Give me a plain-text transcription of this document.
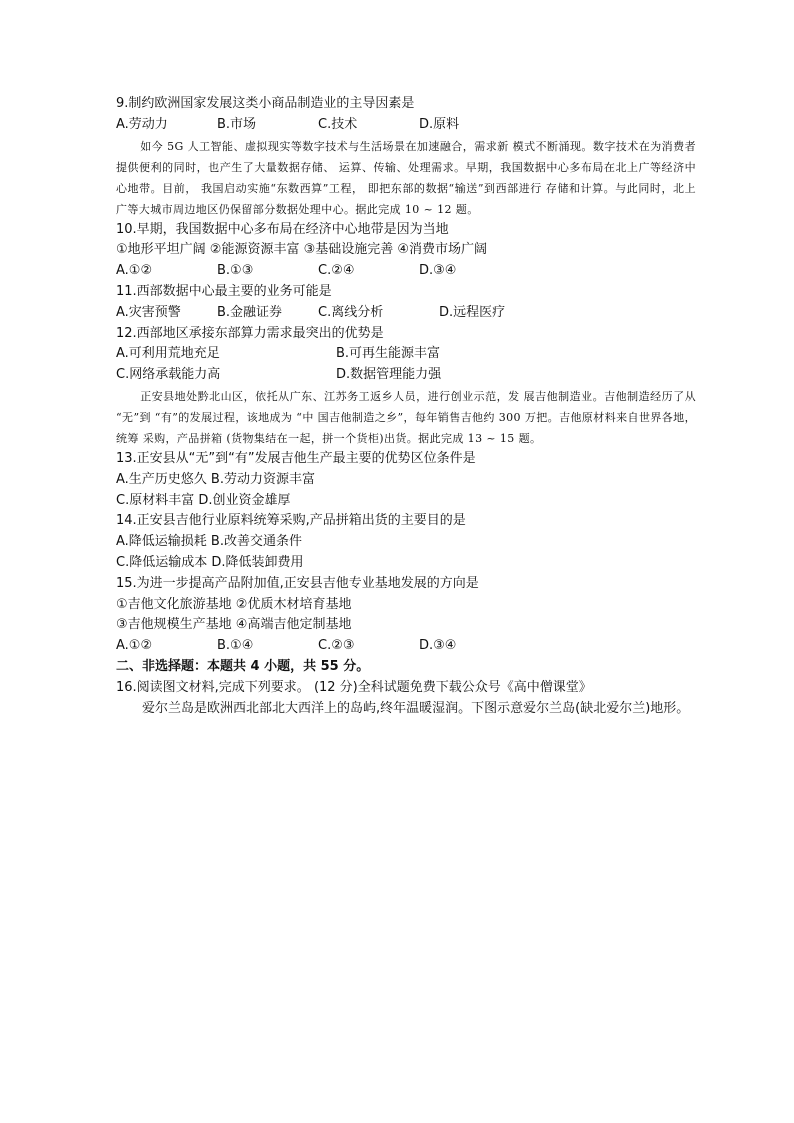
9.制约欧洲国家发展这类小商品制造业的主导因素是
A.劳动力	B.市场	C.技术	D.原料

如今 5G 人工智能、虚拟现实等数字技术与生活场景在加速融合，需求新 模式不断涌现。数字技术在为消费者提供便利的同时，也产生了大量数据存储、 运算、传输、处理需求。早期，我国数据中心多布局在北上广等经济中心地带。目前， 我国启动实施“东数西算”工程， 即把东部的数据“输送”到西部进行 存储和计算。与此同时，北上广等大城市周边地区仍保留部分数据处理中心。据此完成 10 ~ 12 题。

10.早期，我国数据中心多布局在经济中心地带是因为当地
①地形平坦广阔 ②能源资源丰富 ③基础设施完善 ④消费市场广阔
A.①②	B.①③	C.②④	D.③④
11.西部数据中心最主要的业务可能是
A.灾害预警	B.金融证券	C.离线分析	D.远程医疗
12.西部地区承接东部算力需求最突出的优势是
A.可利用荒地充足	B.可再生能源丰富
C.网络承载能力高	D.数据管理能力强

正安县地处黔北山区，依托从广东、江苏务工返乡人员，进行创业示范，发 展吉他制造业。吉他制造经历了从 “无”到 “有”的发展过程，该地成为 “中 国吉他制造之乡”，每年销售吉他约 300 万把。吉他原材料来自世界各地，统筹 采购，产品拼箱 (货物集结在一起，拼一个货柜)出货。据此完成 13 ~ 15 题。

13.正安县从“无”到“有”发展吉他生产最主要的优势区位条件是
A.生产历史悠久 B.劳动力资源丰富
C.原材料丰富 D.创业资金雄厚
14.正安县吉他行业原料统筹采购,产品拼箱出货的主要目的是
A.降低运输损耗 B.改善交通条件
C.降低运输成本 D.降低装卸费用
15.为进一步提高产品附加值,正安县吉他专业基地发展的方向是
①吉他文化旅游基地 ②优质木材培育基地
③吉他规模生产基地 ④高端吉他定制基地
A.①②	B.①④	C.②③	D.③④
二、非选择题：本题共 4 小题，共 55 分。
16.阅读图文材料,完成下列要求。 (12 分)全科试题免费下载公众号《高中僧课堂》
爱尔兰岛是欧洲西北部北大西洋上的岛屿,终年温暖湿润。下图示意爱尔兰岛(缺北爱尔兰)地形。
